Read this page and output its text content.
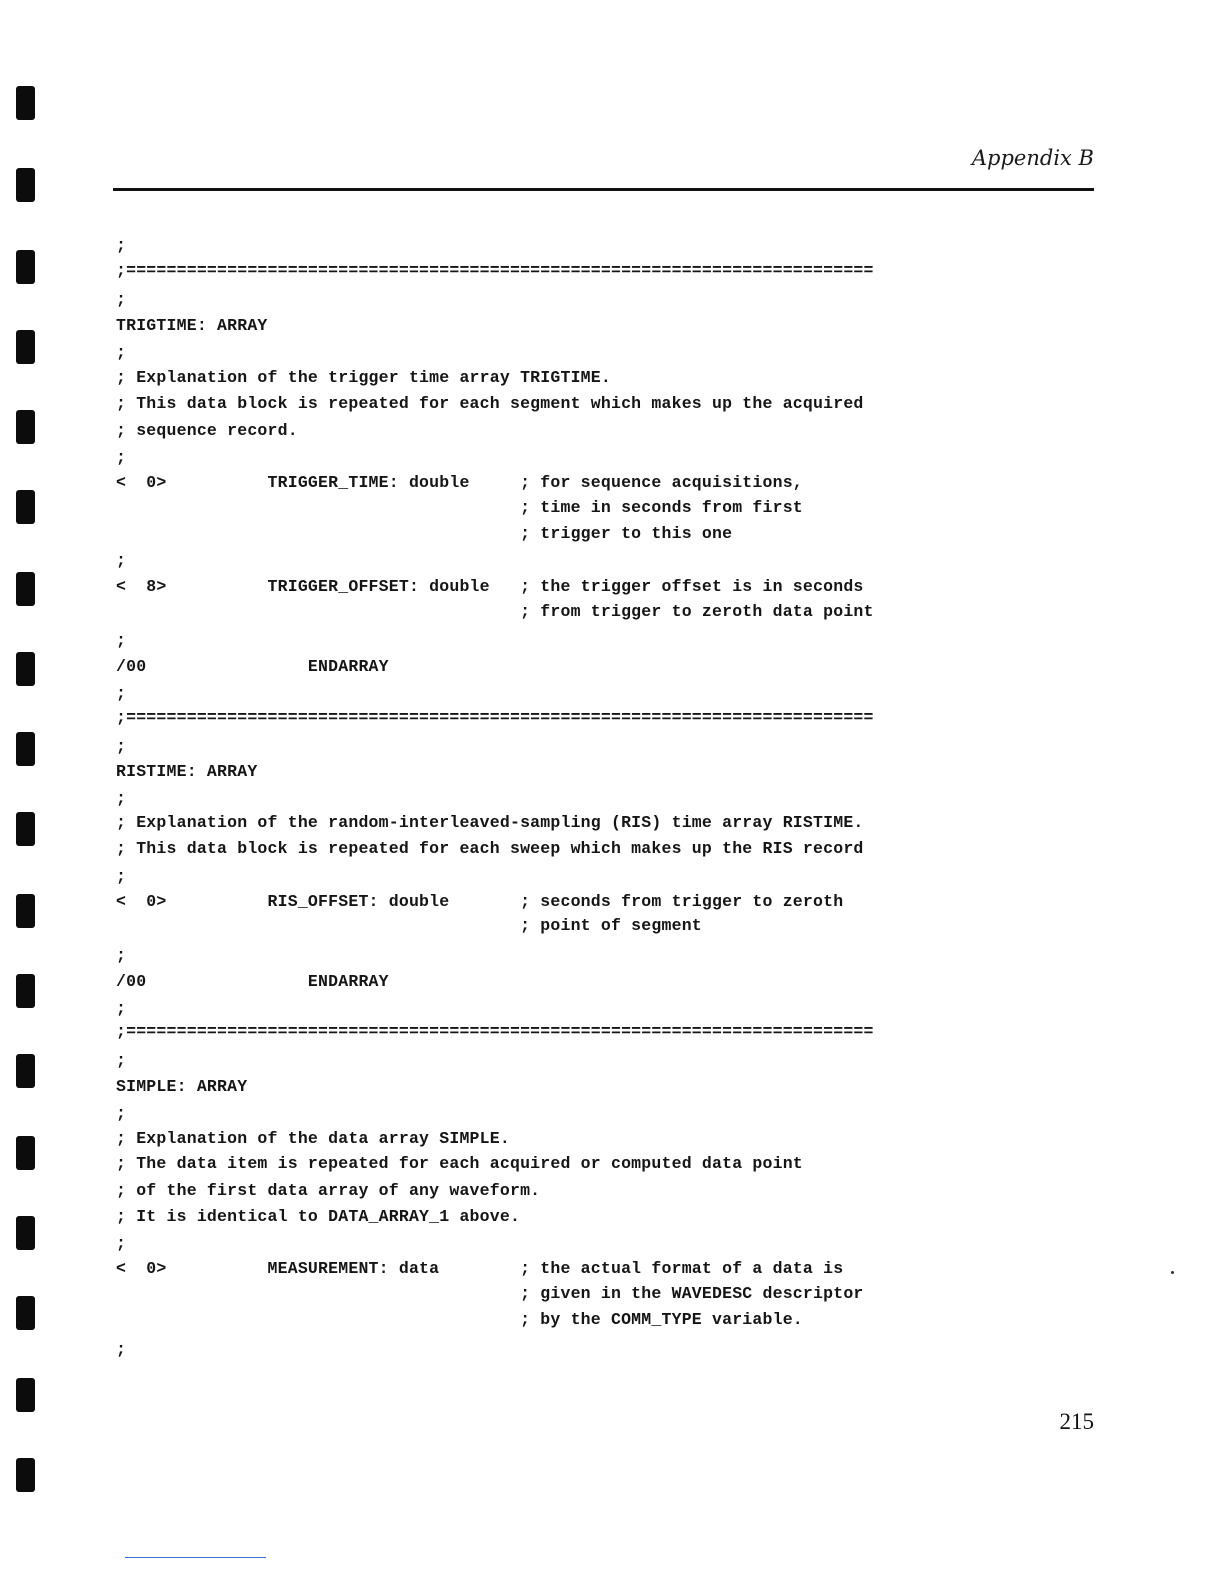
Appendix B
;
;==========================================================================
;
TRIGTIME: ARRAY
;
; Explanation of the trigger time array TRIGTIME.
; This data block is repeated for each segment which makes up the acquired
; sequence record.
;
<  0>          TRIGGER_TIME: double     ; for sequence acquisitions,
; time in seconds from first
; trigger to this one
;
<  8>          TRIGGER_OFFSET: double   ; the trigger offset is in seconds
; from trigger to zeroth data point
;
/00                ENDARRAY
;
;==========================================================================
;
RISTIME: ARRAY
;
; Explanation of the random-interleaved-sampling (RIS) time array RISTIME.
; This data block is repeated for each sweep which makes up the RIS record
;
<  0>          RIS_OFFSET: double       ; seconds from trigger to zeroth
; point of segment
;
/00                ENDARRAY
;
;==========================================================================
;
SIMPLE: ARRAY
;
; Explanation of the data array SIMPLE.
; The data item is repeated for each acquired or computed data point
; of the first data array of any waveform.
; It is identical to DATA_ARRAY_1 above.
;
<  0>          MEASUREMENT: data        ; the actual format of a data is
; given in the WAVEDESC descriptor
; by the COMM_TYPE variable.
;
215
